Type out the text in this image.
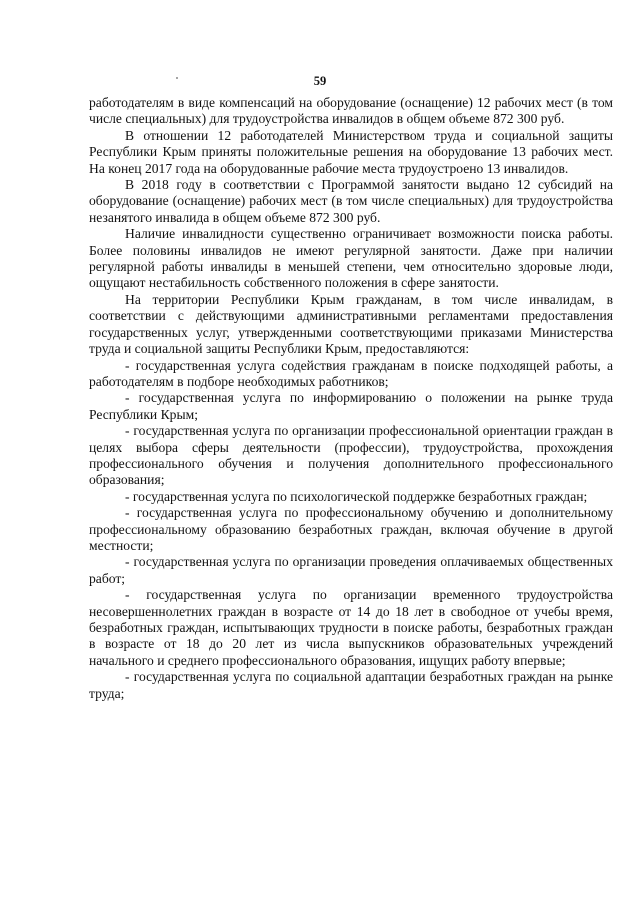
59

работодателям в виде компенсаций на оборудование (оснащение) 12 рабочих мест (в том числе специальных) для трудоустройства инвалидов в общем объеме 872 300 руб.

В отношении 12 работодателей Министерством труда и социальной защиты Республики Крым приняты положительные решения на оборудование 13 рабочих мест. На конец 2017 года на оборудованные рабочие места трудоустроено 13 инвалидов.

В 2018 году в соответствии с Программой занятости выдано 12 субсидий на оборудование (оснащение) рабочих мест (в том числе специальных) для трудоустройства незанятого инвалида в общем объеме 872 300 руб.

Наличие инвалидности существенно ограничивает возможности поиска работы. Более половины инвалидов не имеют регулярной занятости. Даже при наличии регулярной работы инвалиды в меньшей степени, чем относительно здоровые люди, ощущают нестабильность собственного положения в сфере занятости.

На территории Республики Крым гражданам, в том числе инвалидам, в соответствии с действующими административными регламентами предоставления государственных услуг, утвержденными соответствующими приказами Министерства труда и социальной защиты Республики Крым, предоставляются:

- государственная услуга содействия гражданам в поиске подходящей работы, а работодателям в подборе необходимых работников;

- государственная услуга по информированию о положении на рынке труда Республики Крым;

- государственная услуга по организации профессиональной ориентации граждан в целях выбора сферы деятельности (профессии), трудоустройства, прохождения профессионального обучения и получения дополнительного профессионального образования;

- государственная услуга по психологической поддержке безработных граждан;

- государственная услуга по профессиональному обучению и дополнительному профессиональному образованию безработных граждан, включая обучение в другой местности;

- государственная услуга по организации проведения оплачиваемых общественных работ;

- государственная услуга по организации временного трудоустройства несовершеннолетних граждан в возрасте от 14 до 18 лет в свободное от учебы время, безработных граждан, испытывающих трудности в поиске работы, безработных граждан в возрасте от 18 до 20 лет из числа выпускников образовательных учреждений начального и среднего профессионального образования, ищущих работу впервые;

- государственная услуга по социальной адаптации безработных граждан на рынке труда;
